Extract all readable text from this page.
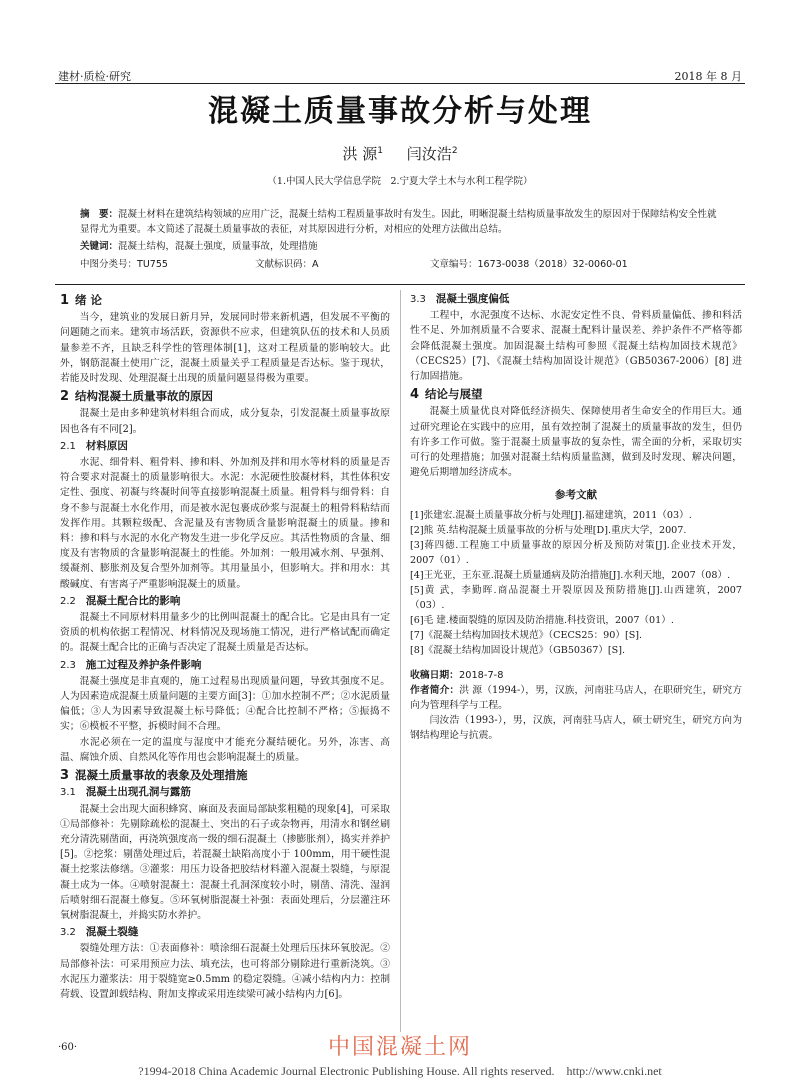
建材·质检·研究	2018 年 8 月
混凝土质量事故分析与处理
洪 源$^1$ 闫汝浩$^2$
（1.中国人民大学信息学院　2.宁夏大学土木与水利工程学院）
摘　要：混凝土材料在建筑结构领域的应用广泛，混凝土结构工程质量事故时有发生。因此，明晰混凝土结构质量事故发生的原因对于保障结构安全性就显得尤为重要。本文简述了混凝土质量事故的表征，对其原因进行分析，对相应的处理方法做出总结。
关键词：混凝土结构，混凝土强度，质量事故，处理措施
中图分类号：TU755	文献标识码：A	文章编号：1673-0038（2018）32-0060-01
1 绪 论
当今，建筑业的发展日新月异，发展同时带来新机遇，但发展不平衡的问题随之而来。建筑市场活跃，资源供不应求，但建筑队伍的技术和人员质量参差不齐，且缺乏科学性的管理体制[1]，这对工程质量的影响较大。此外，钢筋混凝土使用广泛，混凝土质量关乎工程质量是否达标。鉴于现状，若能及时发现、处理混凝土出现的质量问题显得极为重要。
2 结构混凝土质量事故的原因
混凝土是由多种建筑材料组合而成，成分复杂，引发混凝土质量事故原因也各有不同[2]。
2.1 材料原因
水泥、细骨料、粗骨料、掺和料、外加剂及拌和用水等材料的质量是否符合要求对混凝土的质量影响很大。水泥：水泥硬性胶凝材料，其性体积安定性、强度、初凝与终凝时间等直接影响混凝土质量。粗骨料与细骨料：自身不参与混凝土水化作用，而是被水泥包裹成砂浆与混凝土的粗骨料粘结而发挥作用。其颗粒级配、含泥量及有害物质含量影响混凝土的质量。掺和料：掺和料与水泥的水化产物发生进一步化学反应。其活性物质的含量、细度及有害物质的含量影响混凝土的性能。外加剂：一般用减水剂、早强剂、缓凝剂、膨胀剂及复合型外加剂等。其用量虽小，但影响大。拌和用水：其酸碱度、有害离子严重影响混凝土的质量。
2.2 混凝土配合比的影响
混凝土不同原材料用量多少的比例叫混凝土的配合比。它是由具有一定资质的机构依据工程情况、材料情况及现场施工情况，进行严格试配而确定的。混凝土配合比的正确与否决定了混凝土质量是否达标。
2.3 施工过程及养护条件影响
混凝土强度是非直观的，施工过程易出现质量问题，导致其强度不足。人为因素造成混凝土质量问题的主要方面[3]：①加水控制不严；②水泥质量偏低；③人为因素导致混凝土标号降低；④配合比控制不严格；⑤振捣不实；⑥模板不平整，拆模时间不合理。
水泥必须在一定的温度与湿度中才能充分凝结硬化。另外，冻害、高温、腐蚀介质、自然风化等作用也会影响混凝土的质量。
3 混凝土质量事故的表象及处理措施
3.1 混凝土出现孔洞与露筋
混凝土会出现大面积蜂窝、麻面及表面局部缺浆粗糙的现象[4]，可采取①局部修补：先剔除疏松的混凝土、突出的石子或杂物再，用清水和钢丝刷充分清洗剔凿面，再浇筑强度高一级的细石混凝土（掺膨胀剂），捣实并养护[5]。②挖浆：剔凿处理过后，若混凝土缺陷高度小于 100mm，用干硬性混凝土挖浆法修缮。③灌浆：用压力设备把胶结材料灌入混凝土裂缝，与原混凝土成为一体。④喷射混凝土：混凝土孔洞深度较小时，剔凿、清洗、湿润后喷射细石混凝土修复。⑤环氧树脂混凝土补强：表面处理后，分层灌注环氧树脂混凝土，并捣实防水养护。
3.2 混凝土裂缝
裂缝处理方法：①表面修补：喷涂细石混凝土处理后压抹环氧胶泥。②局部修补法：可采用预应力法、填充法，也可将部分剔除进行重新浇筑。③水泥压力灌浆法：用于裂缝宽≥0.5mm 的稳定裂缝。④减小结构内力：控制荷载、设置卸载结构、附加支撑或采用连续梁可减小结构内力[6]。
3.3 混凝土强度偏低
工程中，水泥强度不达标、水泥安定性不良、骨料质量偏低、掺和料活性不足、外加剂质量不合要求、混凝土配料计量误差、养护条件不严格等都会降低混凝土强度。加固混凝土结构可参照《混凝土结构加固技术规范》（CECS25）[7]、《混凝土结构加固设计规范》（GB50367-2006）[8] 进行加固措施。
4 结论与展望
混凝土质量优良对降低经济损失、保障使用者生命安全的作用巨大。通过研究理论在实践中的应用，虽有效控制了混凝土的质量事故的发生，但仍有许多工作可做。鉴于混凝土质量事故的复杂性，需全面的分析，采取切实可行的处理措施；加强对混凝土结构质量监测，做到及时发现、解决问题，避免后期增加经济成本。
参考文献
[1]张建宏.混凝土质量事故分析与处理[J].福建建筑，2011（03）.
[2]熊 英.结构混凝土质量事故的分析与处理[D].重庆大学，2007.
[3]蒋四德.工程施工中质量事故的原因分析及预防对策[J].企业技术开发，2007（01）.
[4]王光亚，王东亚.混凝土质量通病及防治措施[J].水利天地，2007（08）.
[5]黄 武，李勤晖.商品混凝土开裂原因及预防措施[J].山西建筑，2007（03）.
[6]毛 建.楼面裂缝的原因及防治措施.科技资讯，2007（01）.
[7]《混凝土结构加固技术规范》（CECS25：90）[S].
[8]《混凝土结构加固设计规范》（GB50367）[S].
收稿日期：2018-7-8
作者简介：洪 源（1994-），男，汉族，河南驻马店人，在职研究生，研究方向为管理科学与工程。
闫汝浩（1993-），男，汉族，河南驻马店人，硕士研究生，研究方向为钢结构理论与抗震。
·60·	中国混凝土网
?1994-2018 China Academic Journal Electronic Publishing House. All rights reserved.　http://www.cnki.net
